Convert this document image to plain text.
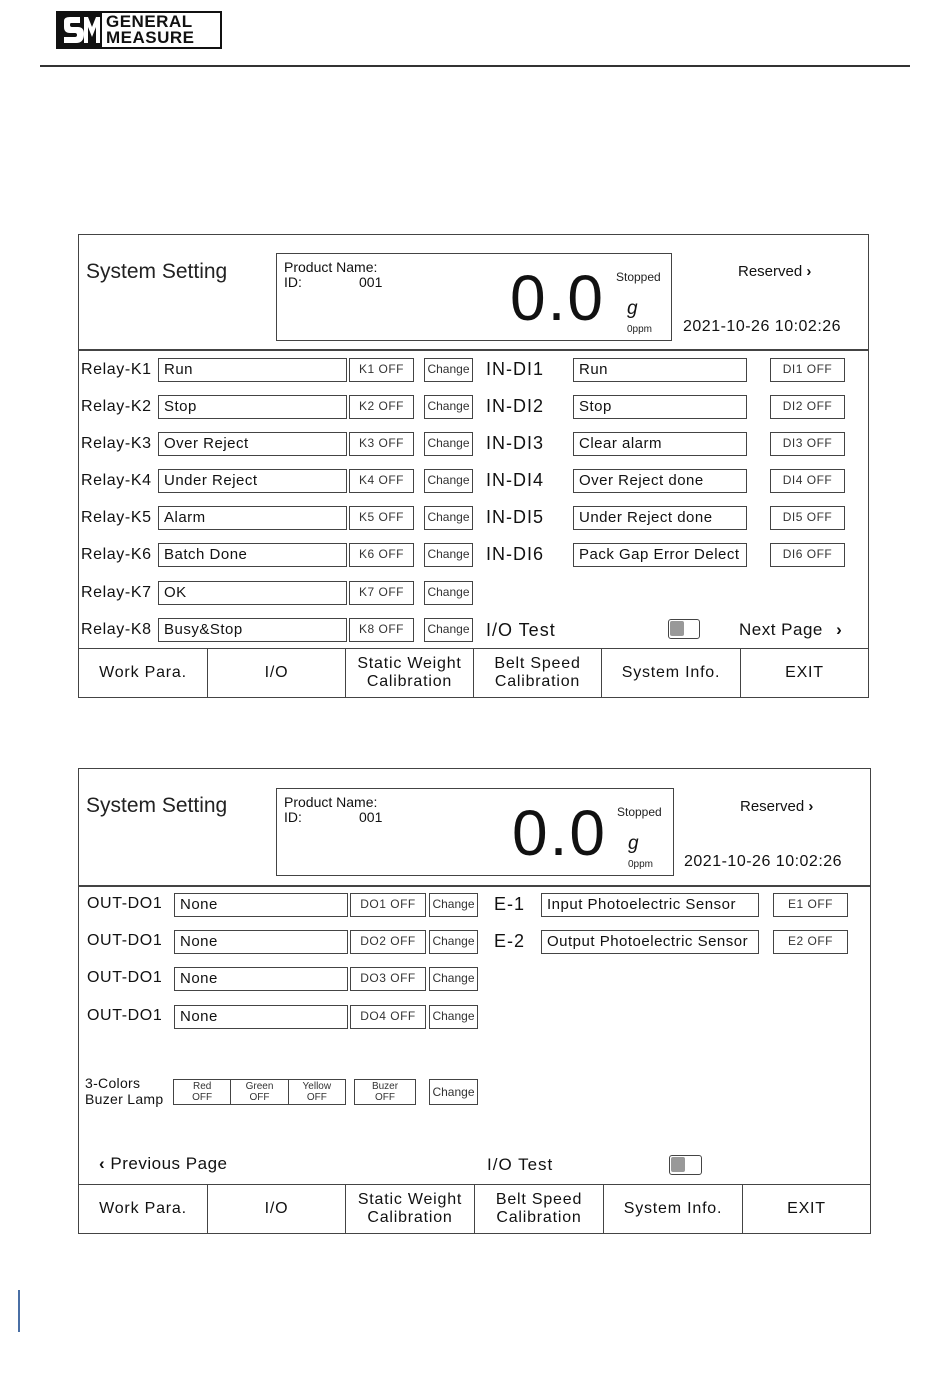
GENERAL
MEASURE
System Setting	Product Name:
ID:	001 0.0 Stopped
g
0ppm
Reserved ›
2021-10-26 10:02:26
Relay-K1 Run	K1 OFF	Change
Relay-K2 Stop	K2 OFF	Change
Relay-K3 Over Reject	K3 OFF	Change
Relay-K4 Under Reject	K4 OFF	Change
Relay-K5 Alarm	K5 OFF	Change
Relay-K6 Batch Done	K6 OFF	Change
Relay-K7 OK	K7 OFF	Change
Relay-K8 Busy&Stop	K8 OFF	Change
IN-DI1	Run	DI1 OFF
IN-DI2	Stop	DI2 OFF
IN-DI3	Clear alarm	DI3 OFF
IN-DI4	Over Reject done	DI4 OFF
IN-DI5	Under Reject done	DI5 OFF
IN-DI6	Pack Gap Error Delect	DI6 OFF
I/O Test	Next Page ›
Work Para.	I/O
Static Weight
Calibration
Belt Speed
Calibration
System Info.	EXIT
System Setting	Product Name:
ID:	001 0.0 Stopped
g
0ppm
Reserved ›
2021-10-26 10:02:26
OUT-DO1	None	DO1 OFF	Change
OUT-DO1	None	DO2 OFF	Change
OUT-DO1	None	DO3 OFF	Change
OUT-DO1	None	DO4 OFF	Change
E-1	Input Photoelectric Sensor	E1 OFF
E-2	Output Photoelectric Sensor	E2 OFF
3-Colors
Buzer Lamp
Red
OFF
Green
OFF
Yellow
OFF
Buzer
OFF	Change
‹ Previous Page	I/O Test
Work Para.	I/O
Static Weight
Calibration
Belt Speed
Calibration
System Info.	EXIT
